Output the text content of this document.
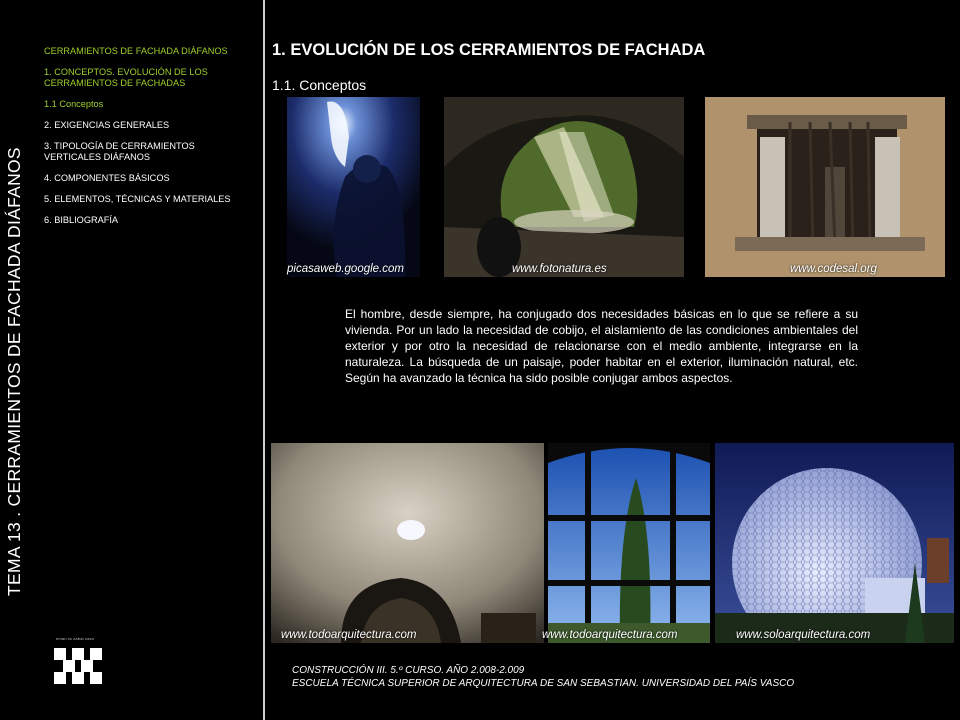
TEMA 13 . CERRAMIENTOS DE FACHADA DIÁFANOS
CERRAMIENTOS DE FACHADA DIÁFANOS
1. CONCEPTOS. EVOLUCIÓN DE LOS CERRAMIENTOS DE FACHADAS
1.1 Conceptos
2. EXIGENCIAS GENERALES
3. TIPOLOGÍA DE CERRAMIENTOS VERTICALES DIÁFANOS
4. COMPONENTES BÁSICOS
5. ELEMENTOS, TÉCNICAS Y MATERIALES
6. BIBLIOGRAFÍA
eman ta zabal zazu
1. EVOLUCIÓN DE LOS CERRAMIENTOS DE FACHADA
1.1. Conceptos
picasaweb.google.com	www.fotonatura.es	www.codesal.org
El hombre, desde siempre, ha conjugado dos necesidades básicas en lo que se refiere a su vivienda. Por un lado la necesidad de cobijo, el aislamiento de las condiciones ambientales del exterior y por otro la necesidad de relacionarse con el medio ambiente, integrarse en la naturaleza. La búsqueda de un paisaje, poder habitar en el exterior, iluminación natural, etc. Según ha avanzado la técnica ha sido posible conjugar ambos aspectos.
www.todoarquitectura.com	www.todoarquitectura.com	www.soloarquitectura.com
CONSTRUCCIÓN III. 5.º CURSO. AÑO 2.008-2.009
ESCUELA TÉCNICA SUPERIOR DE ARQUITECTURA DE SAN SEBASTIAN. UNIVERSIDAD DEL PAÍS VASCO
